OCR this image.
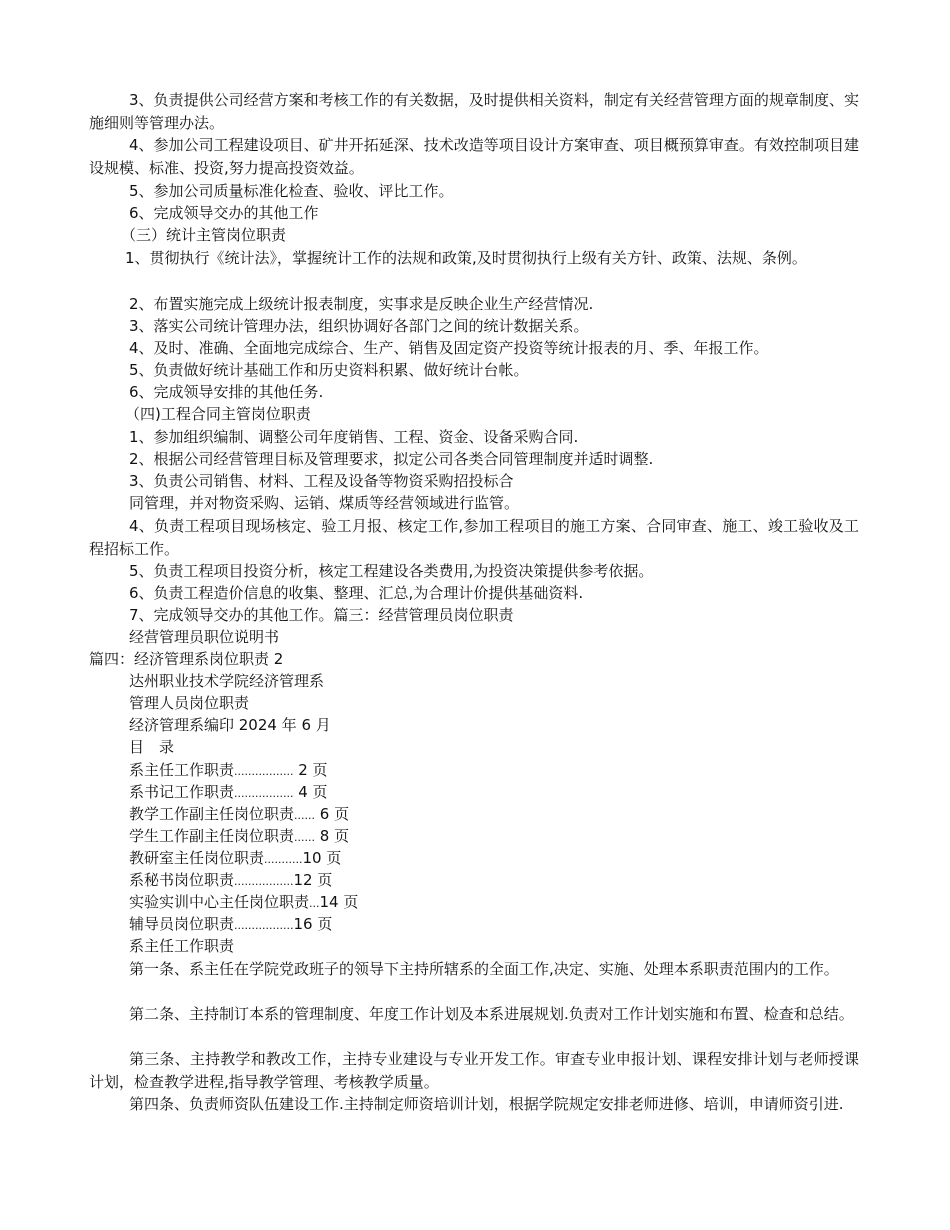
3、负责提供公司经营方案和考核工作的有关数据，及时提供相关资料，制定有关经营管理方面的规章制度、实施细则等管理办法。
4、参加公司工程建设项目、矿井开拓延深、技术改造等项目设计方案审查、项目概预算审查。有效控制项目建设规模、标准、投资,努力提高投资效益。
5、参加公司质量标准化检查、验收、评比工作。
6、完成领导交办的其他工作
（三）统计主管岗位职责
1、贯彻执行《统计法》，掌握统计工作的法规和政策,及时贯彻执行上级有关方针、政策、法规、条例。
2、布置实施完成上级统计报表制度，实事求是反映企业生产经营情况.
3、落实公司统计管理办法，组织协调好各部门之间的统计数据关系。
4、及时、准确、全面地完成综合、生产、销售及固定资产投资等统计报表的月、季、年报工作。
5、负责做好统计基础工作和历史资料积累、做好统计台帐。
6、完成领导安排的其他任务.
（四)工程合同主管岗位职责
1、参加组织编制、调整公司年度销售、工程、资金、设备采购合同.
2、根据公司经营管理目标及管理要求，拟定公司各类合同管理制度并适时调整.
3、负责公司销售、材料、工程及设备等物资采购招投标合
同管理，并对物资采购、运销、煤质等经营领域进行监管。
4、负责工程项目现场核定、验工月报、核定工作,参加工程项目的施工方案、合同审查、施工、竣工验收及工程招标工作。
5、负责工程项目投资分析，核定工程建设各类费用,为投资决策提供参考依据。
6、负责工程造价信息的收集、整理、汇总,为合理计价提供基础资料.
7、完成领导交办的其他工作。篇三：经营管理员岗位职责
经营管理员职位说明书
篇四：经济管理系岗位职责 2
达州职业技术学院经济管理系
管理人员岗位职责
经济管理系编印 2024 年 6 月
目　录
系主任工作职责................. 2 页
系书记工作职责................. 4 页
教学工作副主任岗位职责...... 6 页
学生工作副主任岗位职责...... 8 页
教研室主任岗位职责...........10 页
系秘书岗位职责.................12 页
实验实训中心主任岗位职责...14 页
辅导员岗位职责.................16 页
系主任工作职责
第一条、系主任在学院党政班子的领导下主持所辖系的全面工作,决定、实施、处理本系职责范围内的工作。
第二条、主持制订本系的管理制度、年度工作计划及本系进展规划.负责对工作计划实施和布置、检查和总结。
第三条、主持教学和教改工作，主持专业建设与专业开发工作。审查专业申报计划、课程安排计划与老师授课计划，检查教学进程,指导教学管理、考核教学质量。
第四条、负责师资队伍建设工作.主持制定师资培训计划，根据学院规定安排老师进修、培训，申请师资引进.
